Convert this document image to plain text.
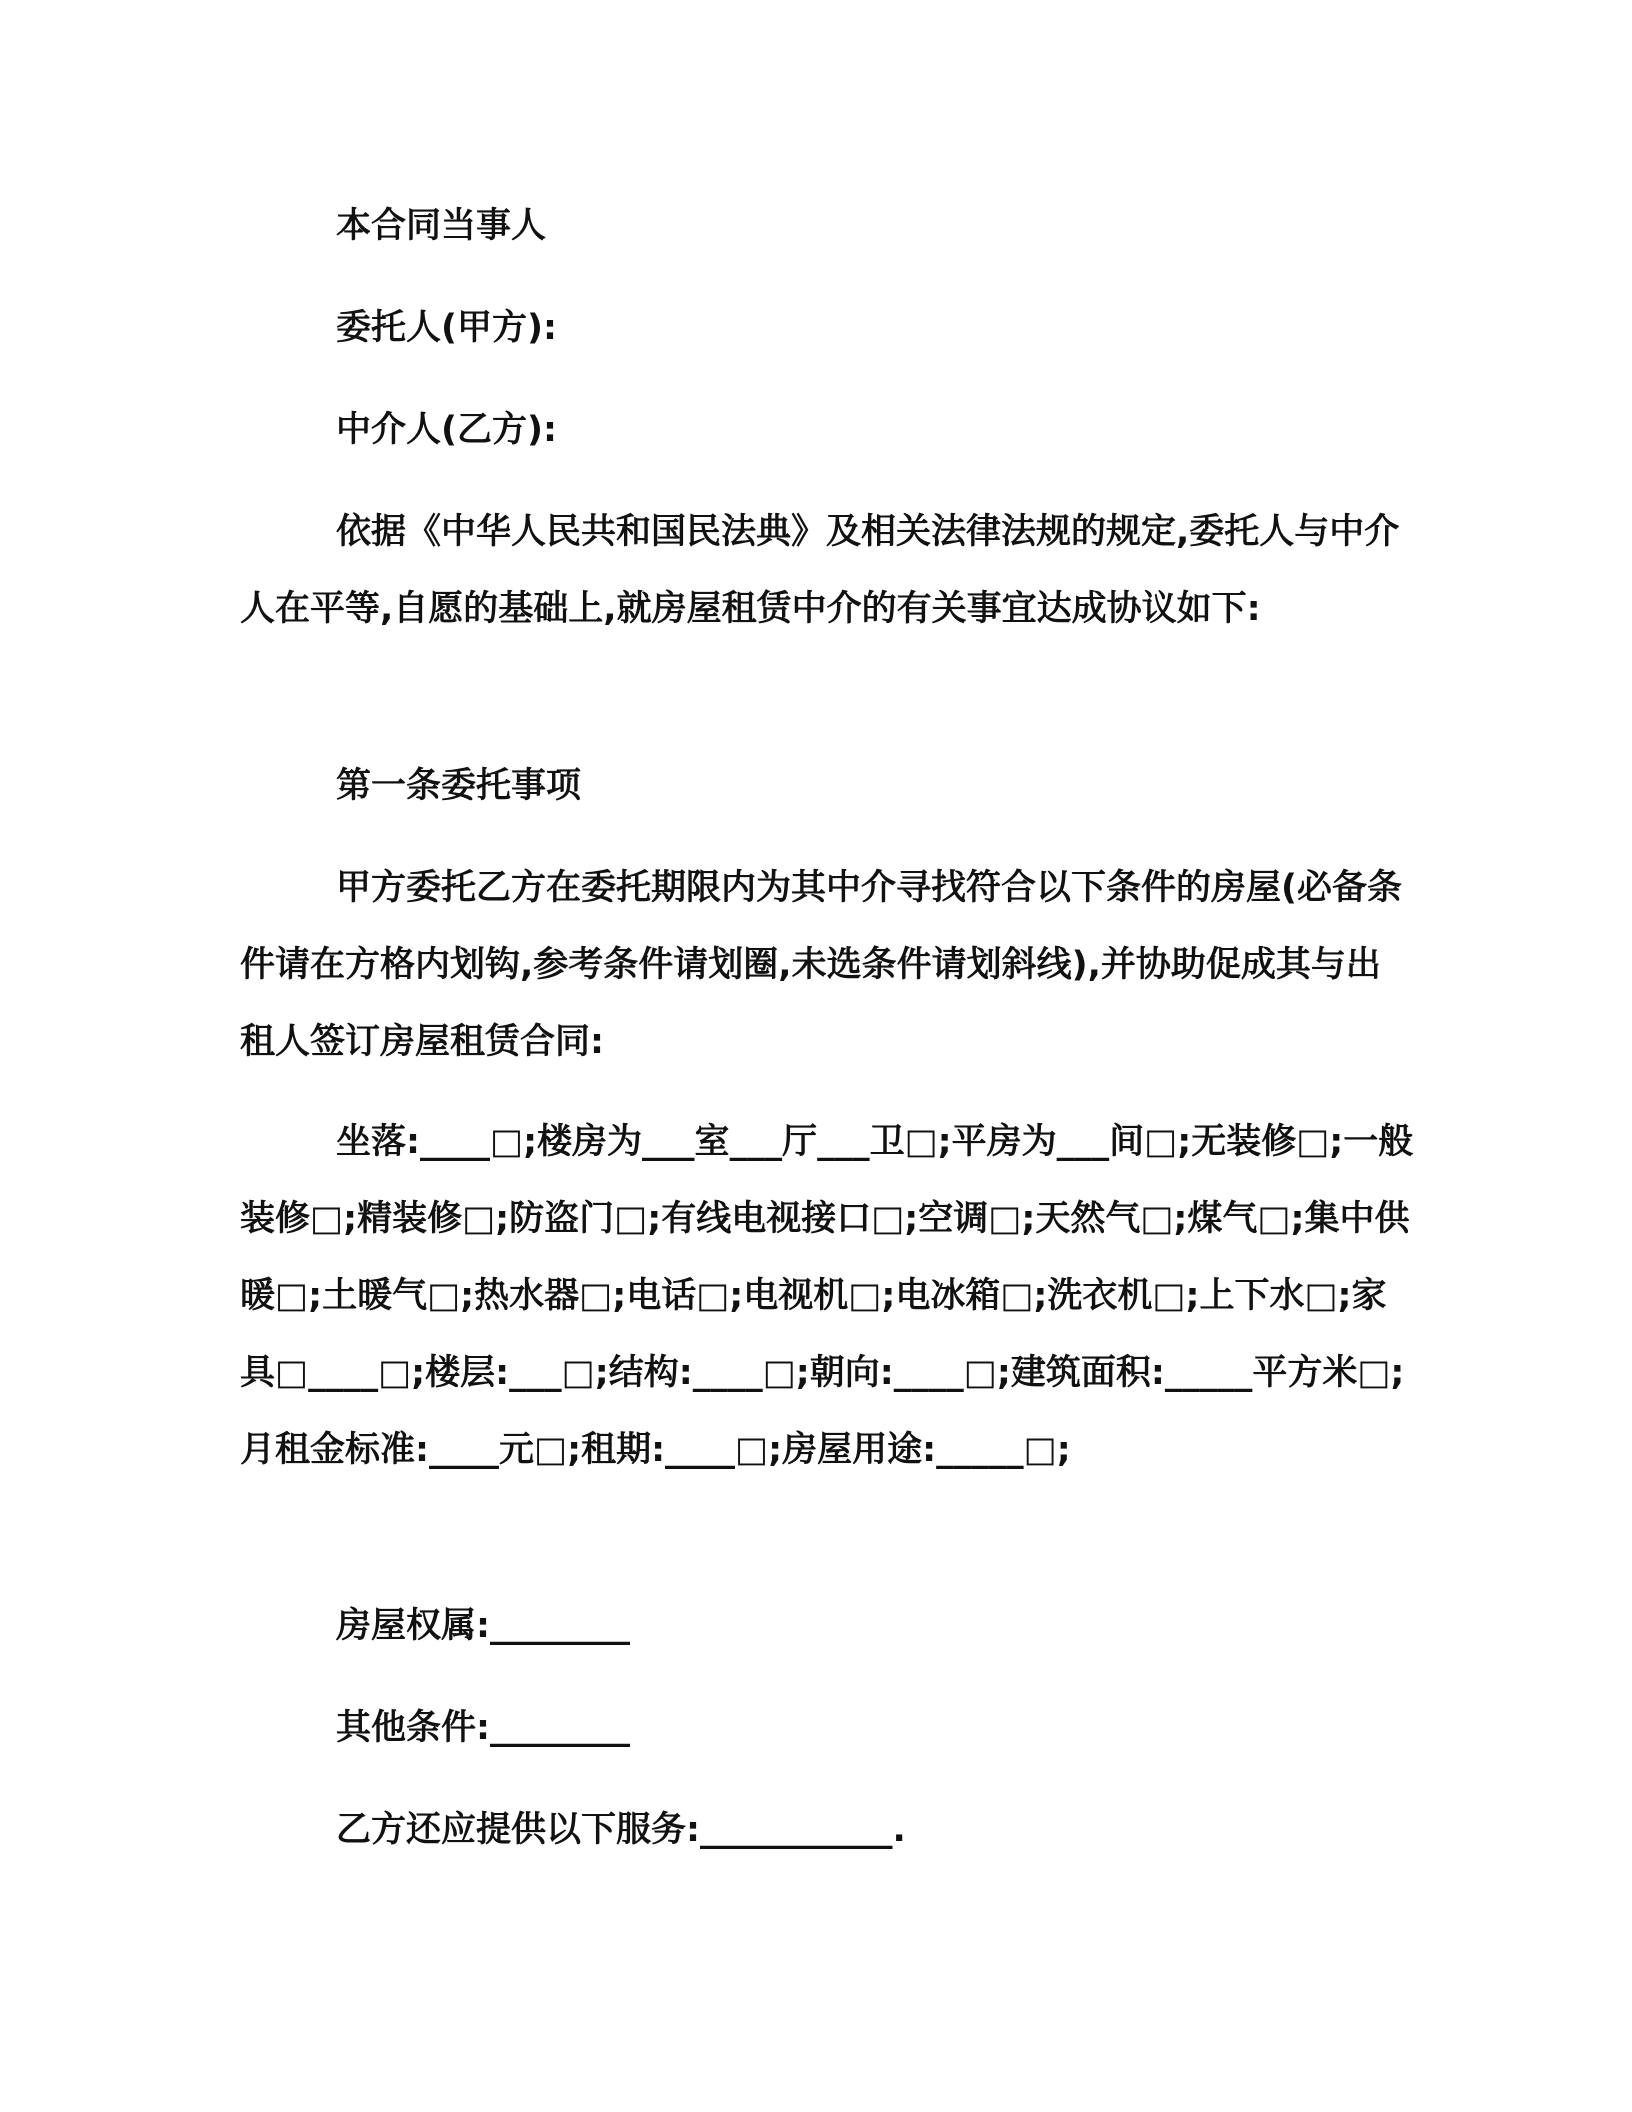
本合同当事人

委托人(甲方):

中介人(乙方):

依据《中华人民共和国民法典》及相关法律法规的规定,委托人与中介人在平等,自愿的基础上,就房屋租赁中介的有关事宜达成协议如下:

第一条委托事项

甲方委托乙方在委托期限内为其中介寻找符合以下条件的房屋(必备条件请在方格内划钩,参考条件请划圈,未选条件请划斜线),并协助促成其与出租人签订房屋租赁合同:

坐落:____□;楼房为___室___厅___卫□;平房为___间□;无装修□;一般装修□;精装修□;防盗门□;有线电视接口□;空调□;天然气□;煤气□;集中供暖□;土暖气□;热水器□;电话□;电视机□;电冰箱□;洗衣机□;上下水□;家具□____□;楼层:___□;结构:____□;朝向:____□;建筑面积:_____平方米□;月租金标准:____元□;租期:____□;房屋用途:_____□;

房屋权属:________

其他条件:________

乙方还应提供以下服务:___________.
